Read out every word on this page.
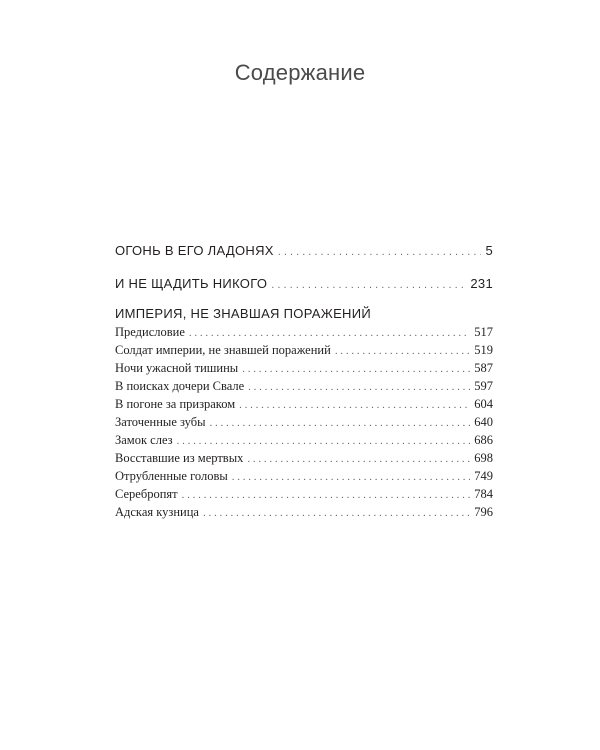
Содержание
ОГОНЬ В ЕГО ЛАДОНЯХ . . .	5
И НЕ ЩАДИТЬ НИКОГО . . .	231
ИМПЕРИЯ, НЕ ЗНАВШАЯ ПОРАЖЕНИЙ
Предисловие . . .	517
Солдат империи, не знавшей поражений . . .	519
Ночи ужасной тишины . . .	587
В поисках дочери Свале . . .	597
В погоне за призраком . . .	604
Заточенные зубы . . .	640
Замок слез . . .	686
Восставшие из мертвых . . .	698
Отрубленные головы . . .	749
Серебропят . . .	784
Адская кузница . . .	796
